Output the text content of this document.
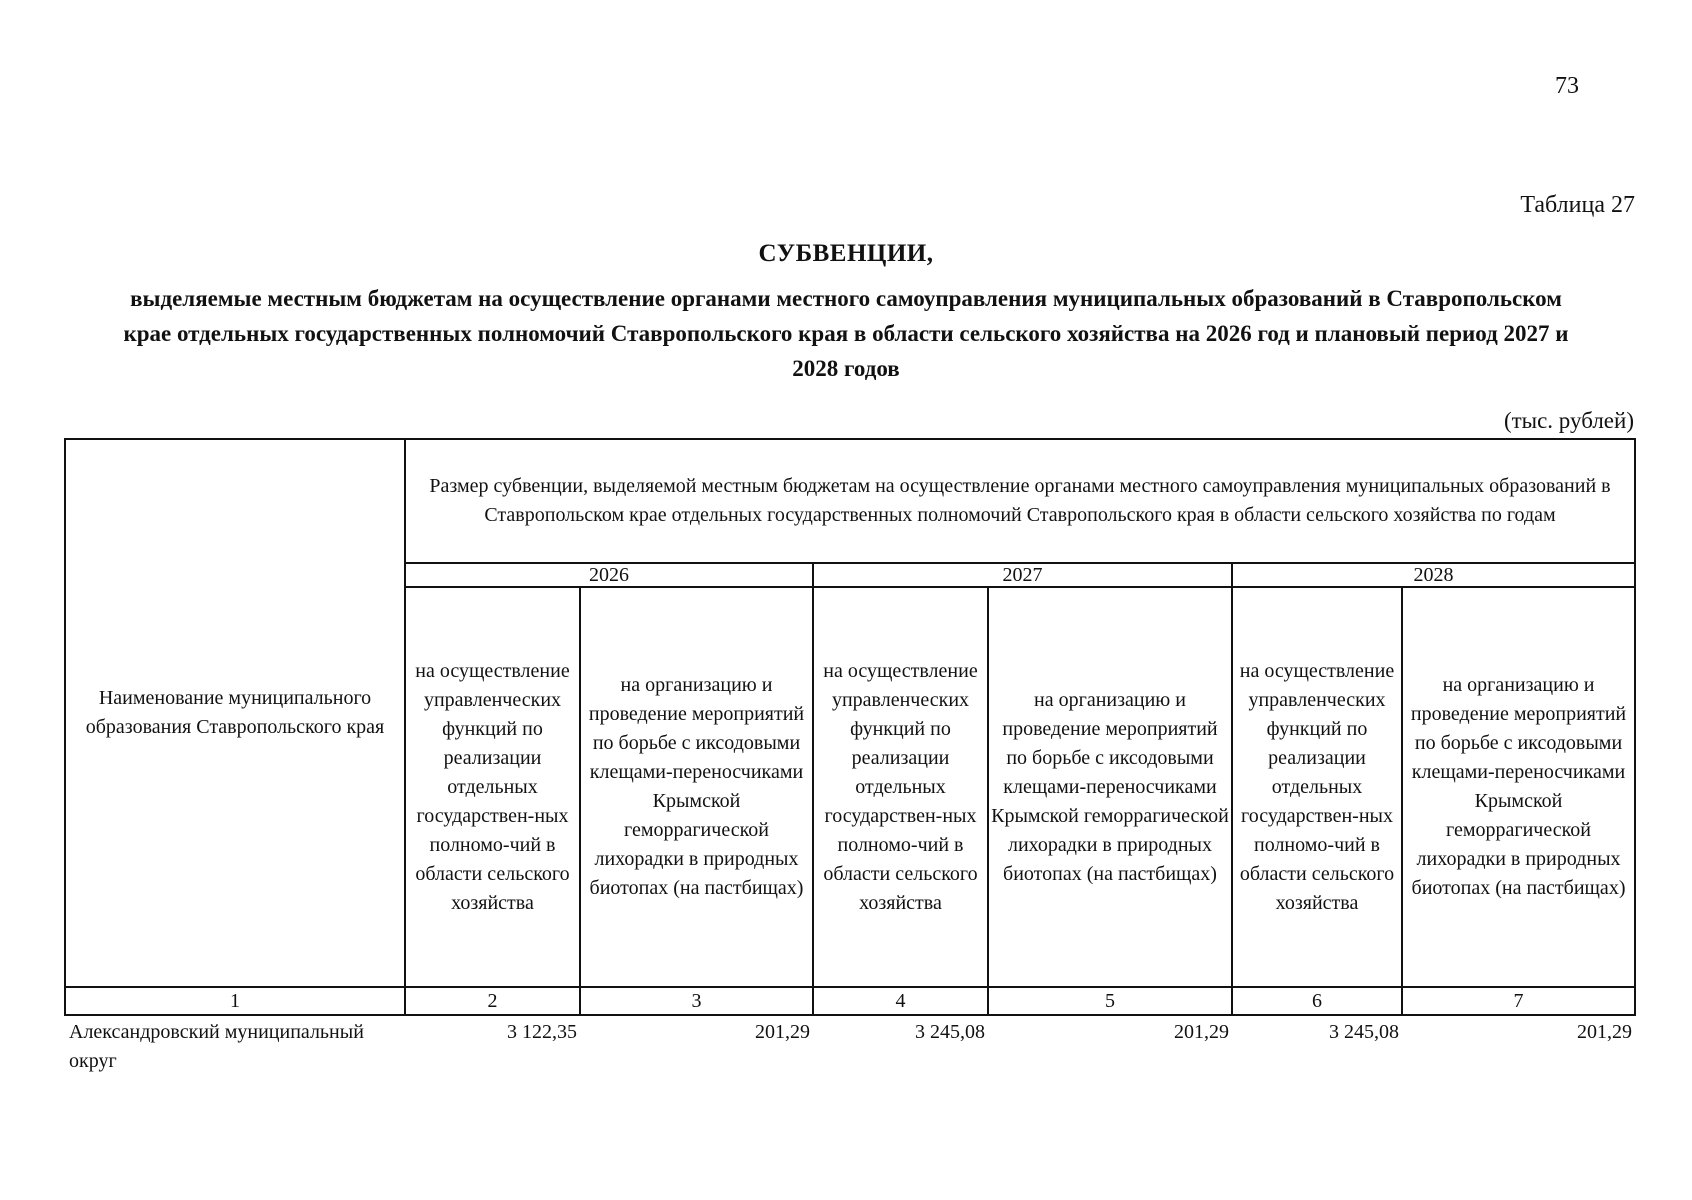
73
Таблица 27
СУБВЕНЦИИ,
выделяемые местным бюджетам на осуществление органами местного самоуправления муниципальных образований в Ставропольском крае отдельных государственных полномочий Ставропольского края в области сельского хозяйства на 2026 год и плановый период 2027 и 2028 годов
(тыс. рублей)
Наименование муниципального образования Ставропольского края	Размер субвенции, выделяемой местным бюджетам на осуществление органами местного самоуправления муниципальных образований в Ставропольском крае отдельных государственных полномочий Ставропольского края в области сельского хозяйства по годам					
	2026		2027		2028	
	на осуществление управленческих функций по реализации отдельных государствен-ных полномо-чий в области сельского хозяйства	на организацию и проведение мероприятий по борьбе с иксодовыми клещами-переносчиками Крымской геморрагической лихорадки в природных биотопах (на пастбищах)	на осуществление управленческих функций по реализации отдельных государствен-ных полномо-чий в области сельского хозяйства	на организацию и проведение мероприятий по борьбе с иксодовыми клещами-переносчиками Крымской геморрагической лихорадки в природных биотопах (на пастбищах)	на осуществление управленческих функций по реализации отдельных государствен-ных полномо-чий в области сельского хозяйства	на организацию и проведение мероприятий по борьбе с иксодовыми клещами-переносчиками Крымской геморрагической лихорадки в природных биотопах (на пастбищах)
1	2	3	4	5	6	7
Александровский муниципальный округ	3 122,35	201,29	3 245,08	201,29	3 245,08	201,29
